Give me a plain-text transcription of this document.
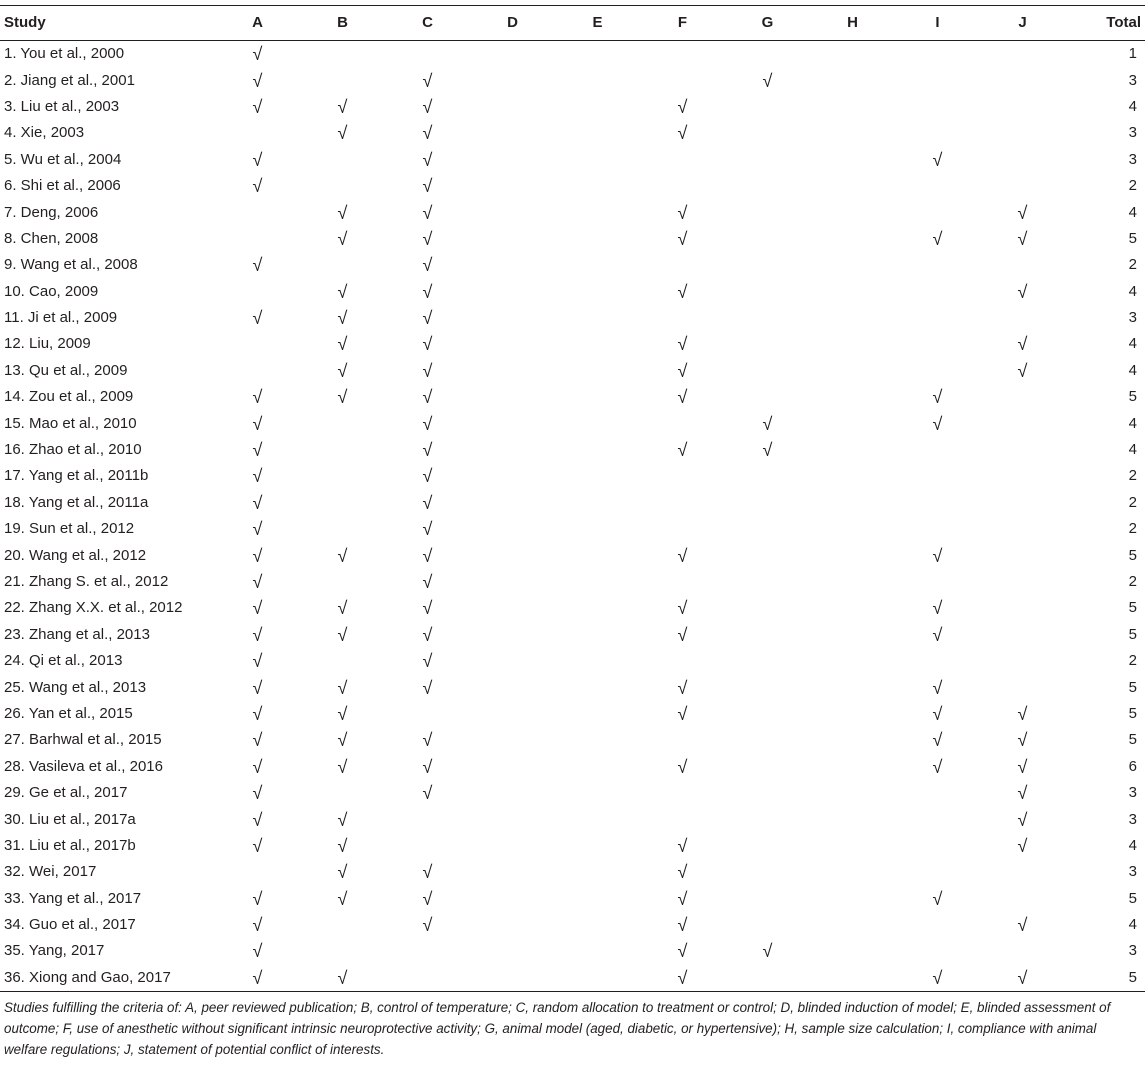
Study	A	B	C	D	E	F	G	H	I	J	Total
1. You et al., 2000	√										1
2. Jiang et al., 2001	√		√				√				3
3. Liu et al., 2003	√	√	√			√					4
4. Xie, 2003		√	√			√					3
5. Wu et al., 2004	√		√						√		3
6. Shi et al., 2006	√		√								2
7. Deng, 2006		√	√			√				√	4
8. Chen, 2008		√	√			√			√	√	5
9. Wang et al., 2008	√		√								2
10. Cao, 2009		√	√			√				√	4
11. Ji et al., 2009	√	√	√								3
12. Liu, 2009		√	√			√				√	4
13. Qu et al., 2009		√	√			√				√	4
14. Zou et al., 2009	√	√	√			√			√		5
15. Mao et al., 2010	√		√				√		√		4
16. Zhao et al., 2010	√		√			√	√				4
17. Yang et al., 2011b	√		√								2
18. Yang et al., 2011a	√		√								2
19. Sun et al., 2012	√		√								2
20. Wang et al., 2012	√	√	√			√			√		5
21. Zhang S. et al., 2012	√		√								2
22. Zhang X.X. et al., 2012	√	√	√			√			√		5
23. Zhang et al., 2013	√	√	√			√			√		5
24. Qi et al., 2013	√		√								2
25. Wang et al., 2013	√	√	√			√			√		5
26. Yan et al., 2015	√	√				√			√	√	5
27. Barhwal et al., 2015	√	√	√						√	√	5
28. Vasileva et al., 2016	√	√	√			√			√	√	6
29. Ge et al., 2017	√		√							√	3
30. Liu et al., 2017a	√	√								√	3
31. Liu et al., 2017b	√	√				√				√	4
32. Wei, 2017		√	√			√					3
33. Yang et al., 2017	√	√	√			√			√		5
34. Guo et al., 2017	√		√			√				√	4
35. Yang, 2017	√					√	√				3
36. Xiong and Gao, 2017	√	√				√			√	√	5
Studies fulfilling the criteria of: A, peer reviewed publication; B, control of temperature; C, random allocation to treatment or control; D, blinded induction of model; E, blinded assessment of outcome; F, use of anesthetic without significant intrinsic neuroprotective activity; G, animal model (aged, diabetic, or hypertensive); H, sample size calculation; I, compliance with animal welfare regulations; J, statement of potential conflict of interests.
